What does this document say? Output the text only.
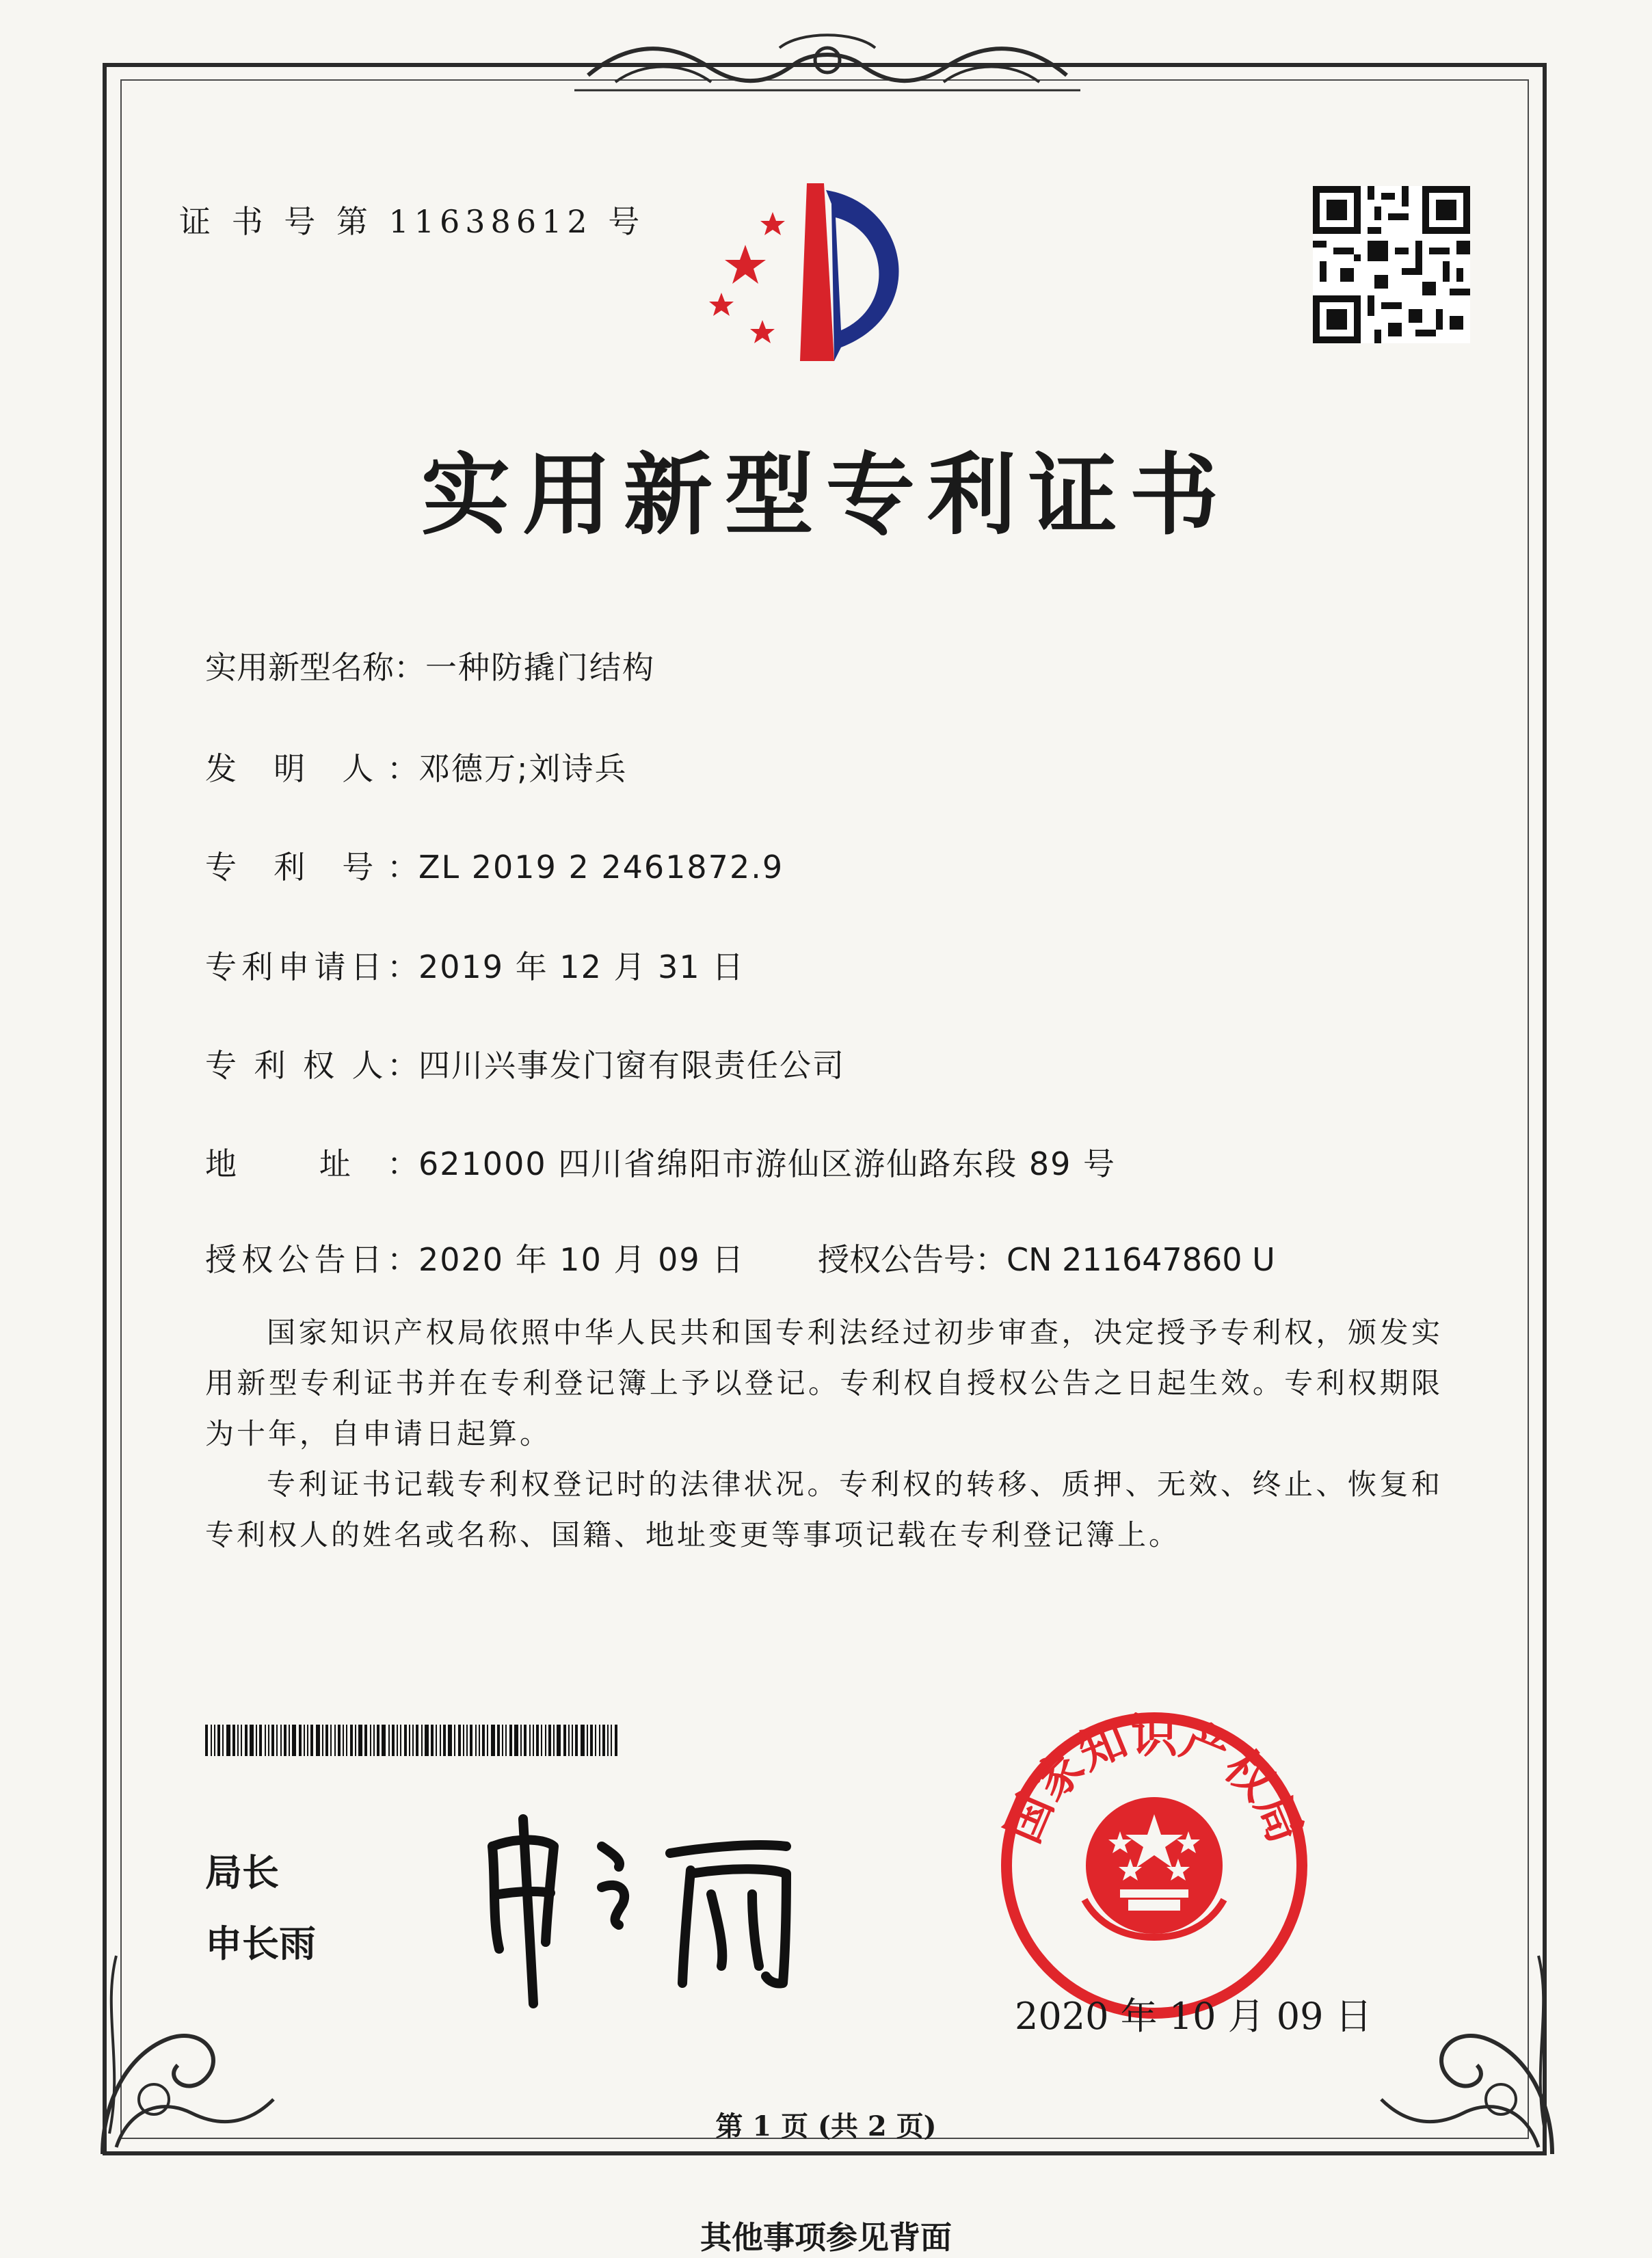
证 书 号 第 11638612 号
实用新型专利证书
实用新型名称：一种防撬门结构
发 明 人：邓德万;刘诗兵
专 利 号：ZL 2019 2 2461872.9
专利申请日：2019 年 12 月 31 日
专 利 权 人：四川兴事发门窗有限责任公司
地 址：621000 四川省绵阳市游仙区游仙路东段 89 号
授权公告日：2020 年 10 月 09 日 授权公告号：CN 211647860 U
国家知识产权局依照中华人民共和国专利法经过初步审查，决定授予专利权，颁发实用新型专利证书并在专利登记簿上予以登记。专利权自授权公告之日起生效。专利权期限为十年，自申请日起算。
专利证书记载专利权登记时的法律状况。专利权的转移、质押、无效、终止、恢复和专利权人的姓名或名称、国籍、地址变更等事项记载在专利登记簿上。
局长
申长雨
国家知识产权局
2020 年 10 月 09 日
第 1 页 (共 2 页)
其他事项参见背面
